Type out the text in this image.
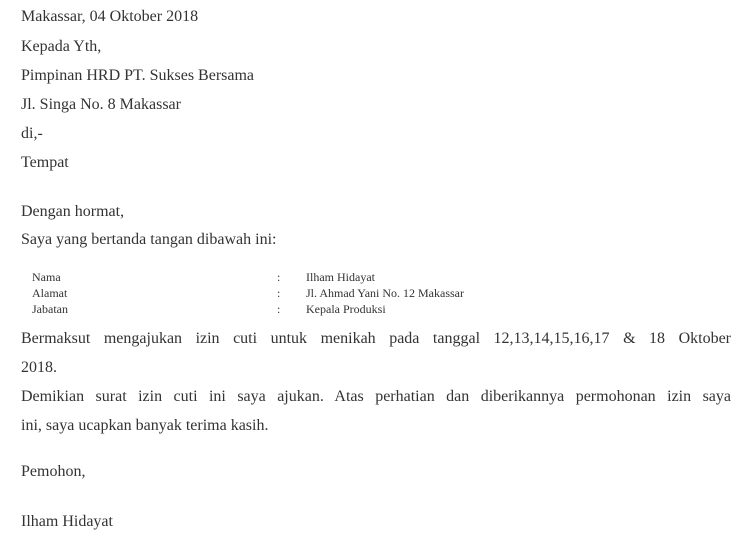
Makassar, 04 Oktober 2018
Kepada Yth,
Pimpinan HRD PT. Sukses Bersama
Jl. Singa No. 8 Makassar
di,-
Tempat
Dengan hormat,
Saya yang bertanda tangan dibawah ini:
Nama	: Ilham Hidayat
Alamat	: Jl. Ahmad Yani No. 12 Makassar
Jabatan	: Kepala Produksi
Bermaksut mengajukan izin cuti untuk menikah pada tanggal 12,13,14,15,16,17 & 18 Oktober
2018.
Demikian surat izin cuti ini saya ajukan. Atas perhatian dan diberikannya permohonan izin saya
ini, saya ucapkan banyak terima kasih.
Pemohon,
Ilham Hidayat
